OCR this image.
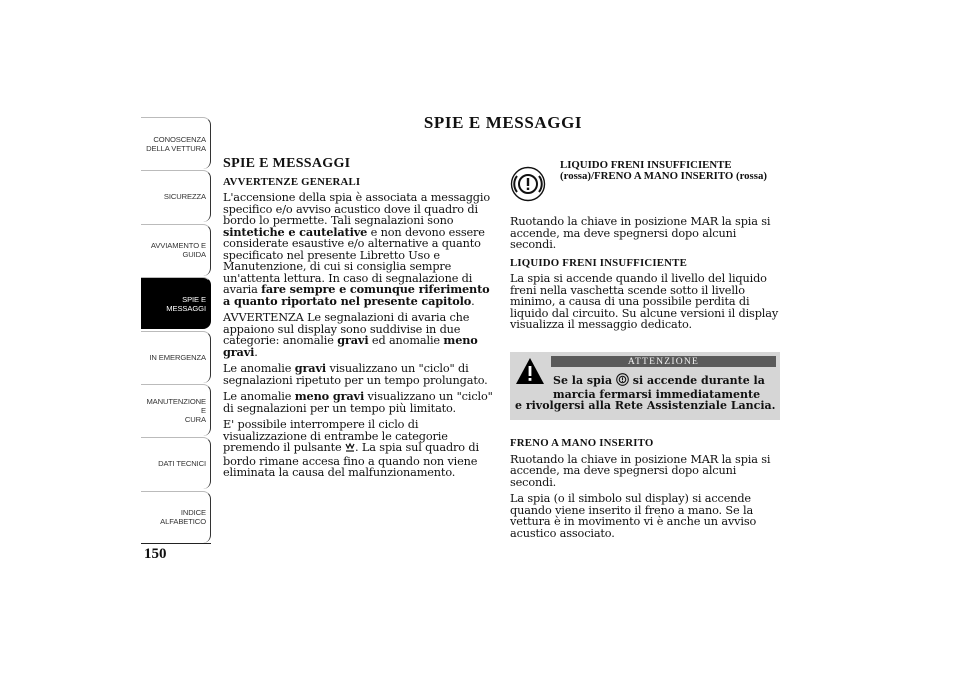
CONOSCENZA
DELLA VETTURA
SICUREZZA
AVVIAMENTO E
GUIDA
SPIE E MESSAGGI
IN EMERGENZA
MANUTENZIONE E
CURA
DATI TECNICI
INDICE
ALFABETICO
150
SPIE E MESSAGGI
SPIE E MESSAGGI
AVVERTENZE GENERALI

L'accensione della spia è associata a messaggio specifico e/o avviso acustico dove il quadro di bordo lo permette. Tali segnalazioni sono sintetiche e cautelative e non devono essere considerate esaustive e/o alternative a quanto specificato nel presente Libretto Uso e Manutenzione, di cui si consiglia sempre un'attenta lettura. In caso di segnalazione di avaria fare sempre e comunque riferimento a quanto riportato nel presente capitolo.

AVVERTENZA Le segnalazioni di avaria che appaiono sul display sono suddivise in due categorie: anomalie gravi ed anomalie meno gravi.

Le anomalie gravi visualizzano un "ciclo" di segnalazioni ripetuto per un tempo prolungato.

Le anomalie meno gravi visualizzano un "ciclo" di segnalazioni per un tempo più limitato.

E' possibile interrompere il ciclo di visualizzazione di entrambe le categorie premendo il pulsante . La spia sul quadro di bordo rimane accesa fino a quando non viene eliminata la causa del malfunzionamento.

LIQUIDO FRENI INSUFFICIENTE (rossa)/FRENO A MANO INSERITO (rossa)

Ruotando la chiave in posizione MAR la spia si accende, ma deve spegnersi dopo alcuni secondi.

LIQUIDO FRENI INSUFFICIENTE

La spia si accende quando il livello del liquido freni nella vaschetta scende sotto il livello minimo, a causa di una possibile perdita di liquido dal circuito. Su alcune versioni il display visualizza il messaggio dedicato.

ATTENZIONE
Se la spia  si accende durante la
marcia fermarsi immediatamente
e rivolgersi alla Rete Assistenziale Lancia.
FRENO A MANO INSERITO

Ruotando la chiave in posizione MAR la spia si accende, ma deve spegnersi dopo alcuni secondi.

La spia (o il simbolo sul display) si accende quando viene inserito il freno a mano. Se la vettura è in movimento vi è anche un avviso acustico associato.
